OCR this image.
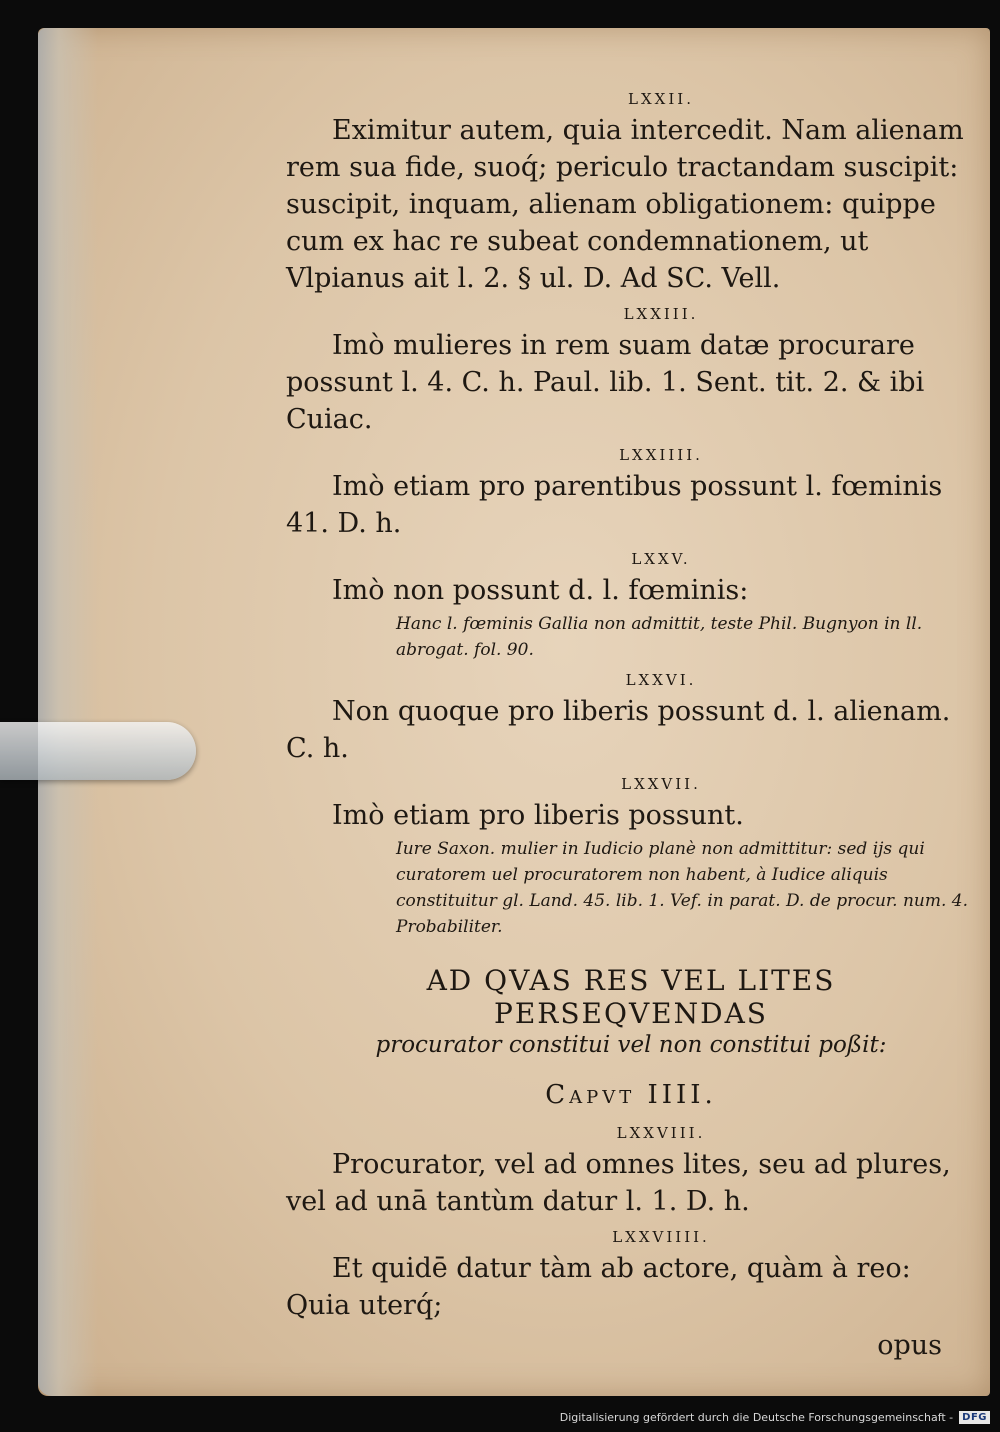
LXXII.

Eximitur autem, quia intercedit. Nam alienam rem sua fide, suoq́; periculo tractandam suscipit: suscipit, inquam, alienam obligationem: quippe cum ex hac re subeat condemnationem, ut Vlpianus ait l. 2. § ul. D. Ad SC. Vell.

LXXIII.

Imò mulieres in rem suam datæ procurare possunt l. 4. C. h. Paul. lib. 1. Sent. tit. 2. & ibi Cuiac.

LXXIIII.

Imò etiam pro parentibus possunt l. fœminis 41. D. h.

LXXV.

Imò non possunt d. l. fœminis:

Hanc l. fœminis Gallia non admittit, teste Phil. Bugnyon in ll. abrogat. fol. 90.

LXXVI.

Non quoque pro liberis possunt d. l. alienam. C. h.

LXXVII.

Imò etiam pro liberis possunt.

Iure Saxon. mulier in Iudicio planè non admittitur: sed ijs qui curatorem uel procuratorem non habent, à Iudice aliquis constituitur gl. Land. 45. lib. 1. Vef. in parat. D. de procur. num. 4. Probabiliter.

AD QVAS RES VEL LITES PERSEQVENDAS
procurator constitui vel non constitui poßit:
Capvt IIII.
LXXVIII.

Procurator, vel ad omnes lites, seu ad plures, vel ad unā tantùm datur l. 1. D. h.

LXXVIIII.

Et quidē datur tàm ab actore, quàm à reo: Quia uterq́;

opus
Digitalisierung gefördert durch die Deutsche Forschungsgemeinschaft - DFG
